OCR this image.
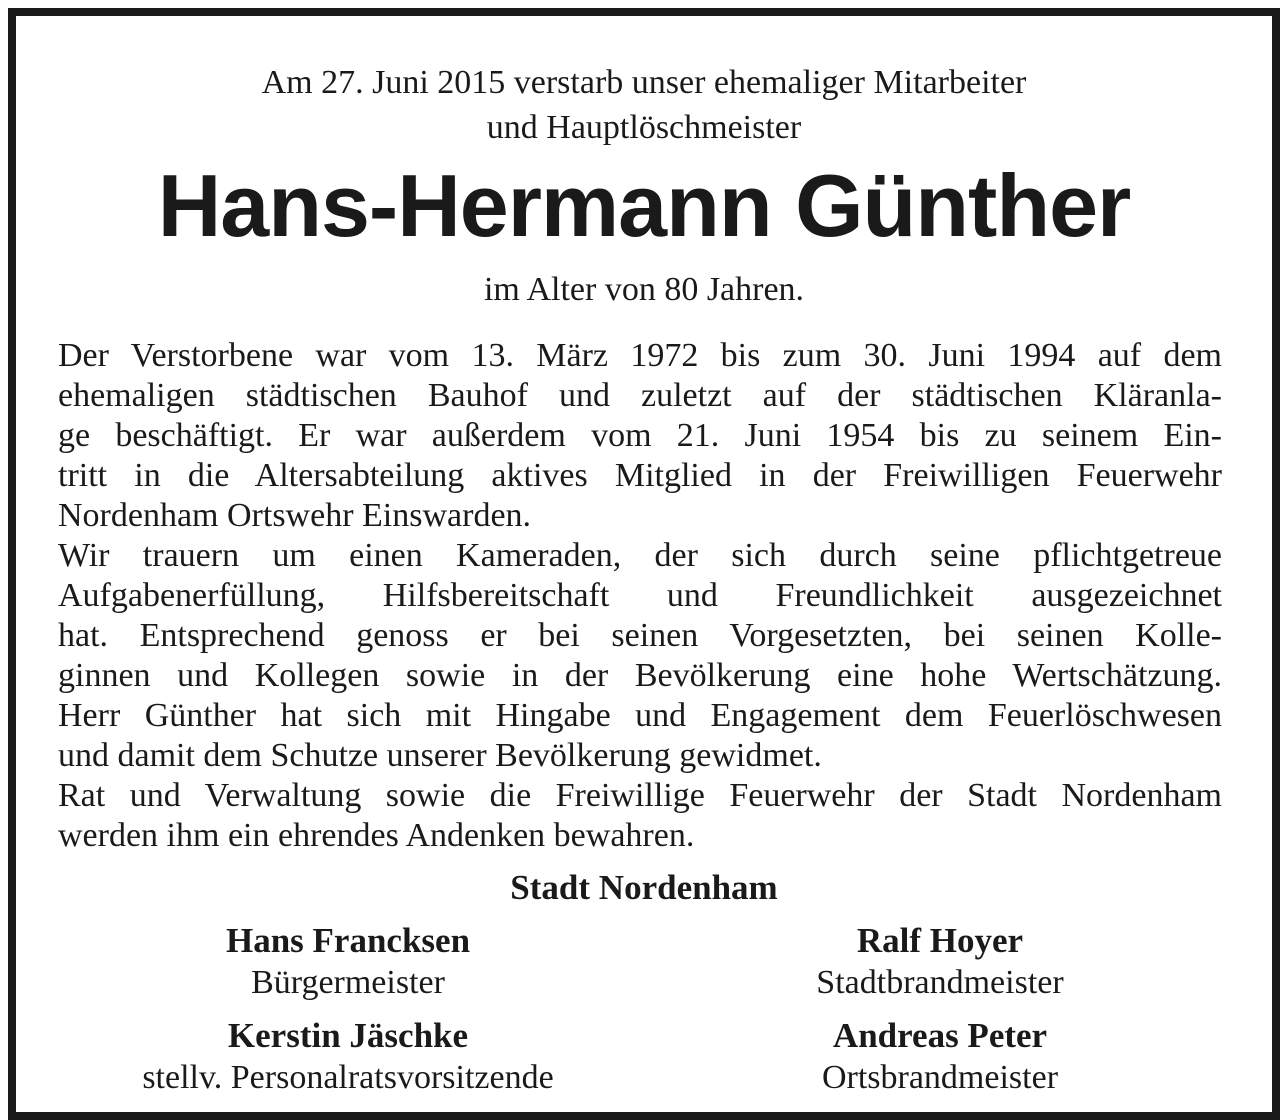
Am 27. Juni 2015 verstarb unser ehemaliger Mitarbeiter
und Hauptlöschmeister
Hans-Hermann Günther
im Alter von 80 Jahren.
Der Verstorbene war vom 13. März 1972 bis zum 30. Juni 1994 auf dem
ehemaligen städtischen Bauhof und zuletzt auf der städtischen Kläranla-
ge beschäftigt. Er war außerdem vom 21. Juni 1954 bis zu seinem Ein-
tritt in die Altersabteilung aktives Mitglied in der Freiwilligen Feuerwehr
Nordenham Ortswehr Einswarden.
Wir trauern um einen Kameraden, der sich durch seine pflichtgetreue
Aufgabenerfüllung, Hilfsbereitschaft und Freundlichkeit ausgezeichnet
hat. Entsprechend genoss er bei seinen Vorgesetzten, bei seinen Kolle-
ginnen und Kollegen sowie in der Bevölkerung eine hohe Wertschätzung.
Herr Günther hat sich mit Hingabe und Engagement dem Feuerlöschwesen
und damit dem Schutze unserer Bevölkerung gewidmet.
Rat und Verwaltung sowie die Freiwillige Feuerwehr der Stadt Nordenham
werden ihm ein ehrendes Andenken bewahren.
Stadt Nordenham
Hans Francksen
Bürgermeister
Ralf Hoyer
Stadtbrandmeister
Kerstin Jäschke
stellv. Personalratsvorsitzende
Andreas Peter
Ortsbrandmeister
